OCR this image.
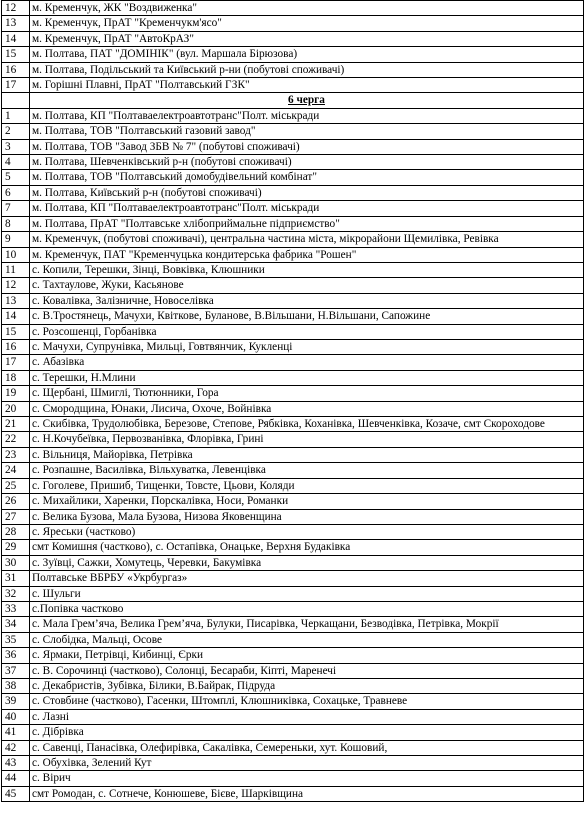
12	м. Кременчук, ЖК "Воздвиженка"
13	м. Кременчук, ПрАТ "Кременчукм'ясо"
14	м. Кременчук, ПрАТ "АвтоКрАЗ"
15	м. Полтава, ПАТ "ДОМІНІК" (вул. Маршала Бірюзова)
16	м. Полтава, Подільський та Київський р-ни (побутові споживачі)
17	м. Горішні Плавні, ПрАТ "Полтавський ГЗК"
	6 черга
1	м. Полтава, КП "Полтаваелектроавтотранс"Полт. міськради
2	м. Полтава, ТОВ "Полтавський газовий завод"
3	м. Полтава, ТОВ "Завод ЗБВ № 7" (побутові споживачі)
4	м. Полтава, Шевченківський р-н (побутові споживачі)
5	м. Полтава, ТОВ "Полтавський домобудівельний комбінат"
6	м. Полтава, Київський р-н (побутові споживачі)
7	м. Полтава, КП "Полтаваелектроавтотранс"Полт. міськради
8	м. Полтава, ПрАТ "Полтавське хлібоприймальне підприємство"
9	м. Кременчук, (побутові споживачі), центральна частина міста, мікрорайони Щемилівка, Ревівка
10	м. Кременчук, ПАТ "Кременчуцька кондитерська фабрика "Рошен"
11	с. Копили, Терешки, Зінці, Вовківка, Клюшники
12	с. Тахтаулове, Жуки, Касьянове
13	с. Ковалівка, Залізничне, Новоселівка
14	с. В.Тростянець, Мачухи, Квіткове, Буланове, В.Вільшани, Н.Вільшани, Сапожине
15	с. Розсошенці, Горбанівка
16	с. Мачухи, Супрунівка, Мильці, Говтвянчик, Кукленці
17	с. Абазівка
18	с. Терешки, Н.Млини
19	с. Щербані, Шмиглі, Тютюнники, Гора
20	с. Смородщина, Юнаки, Лисича, Охоче, Войнівка
21	с. Скибівка, Трудолюбівка, Березове, Степове, Рябківка, Коханівка, Шевченківка, Козаче, смт Скороходове
22	с. Н.Кочубеївка, Первозванівка, Флорівка, Грині
23	с. Вільниця, Майорівка, Петрівка
24	с. Розпашне, Василівка, Вільхуватка, Левенцівка
25	с. Гоголеве, Пришиб, Тищенки, Товсте, Цьови, Коляди
26	с. Михайлики, Харенки, Порскалівка, Носи, Романки
27	с. Велика Бузова, Мала Бузова, Низова Яковенщина
28	с. Яреськи (частково)
29	смт Комишня (частково), с. Остапівка, Онацьке, Верхня Будаківка
30	с. Зуївці, Сажки, Хомутець, Черевки, Бакумівка
31	Полтавське ВБРБУ «Укрбургаз»
32	с. Шульги
33	с.Попівка частково
34	с. Мала Грем’яча, Велика Грем’яча, Булуки, Писарівка, Черкащани, Безводівка, Петрівка, Мокрії
35	с. Слобідка, Мальці, Осове
36	с. Ярмаки, Петрівці, Кибинці, Єрки
37	с. В. Сорочинці (частково), Солонці, Бесараби, Кіпті, Маренечі
38	с. Декабристів, Зубівка, Білики, В.Байрак, Підруда
39	с. Стовбине (частково), Гасенки, Штомплі, Клюшниківка, Сохацьке, Травневе
40	с. Лазні
41	с. Дібрівка
42	с. Савенці, Панасівка, Олефирівка, Сакалівка, Семереньки, хут. Кошовий,
43	с. Обухівка, Зелений Кут
44	с. Вірич
45	смт Ромодан, с. Сотнече, Конюшеве, Бієве, Шарківщина
